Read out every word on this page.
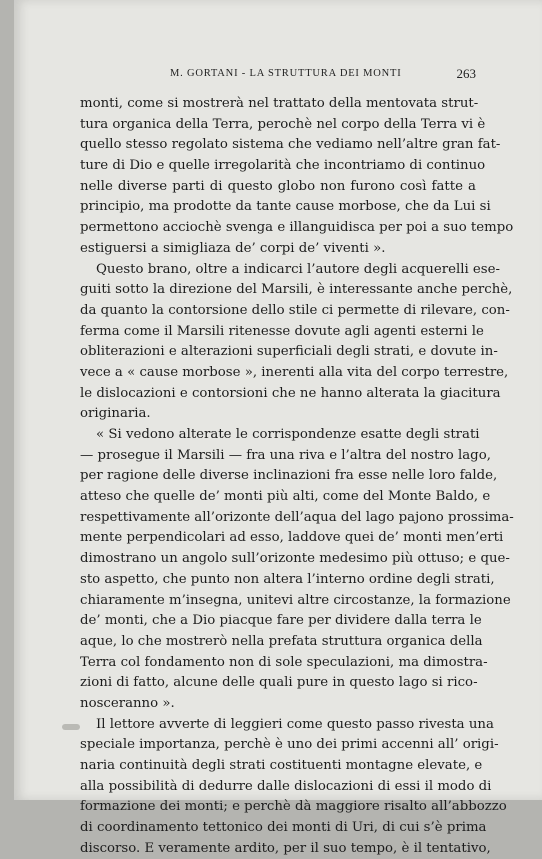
M. GORTANI - LA STRUTTURA DEI MONTI	263
monti, come si mostrerà nel trattato della mentovata strut-
tura organica della Terra, perochè nel corpo della Terra vi è
quello stesso regolato sistema che vediamo nell’altre gran fat-
ture di Dio e quelle irregolarità che incontriamo di continuo
nelle diverse parti di questo globo non furono così fatte a
principio, ma prodotte da tante cause morbose, che da Lui si
permettono acciochè svenga e illanguidisca per poi a suo tempo
estiguersi a simigliaza de’ corpi de’ viventi ».
Questo brano, oltre a indicarci l’autore degli acquerelli ese-
guiti sotto la direzione del Marsili, è interessante anche perchè,
da quanto la contorsione dello stile ci permette di rilevare, con-
ferma come il Marsili ritenesse dovute agli agenti esterni le
obliterazioni e alterazioni superficiali degli strati, e dovute in-
vece a « cause morbose », inerenti alla vita del corpo terrestre,
le dislocazioni e contorsioni che ne hanno alterata la giacitura
originaria.
« Si vedono alterate le corrispondenze esatte degli strati
— prosegue il Marsili — fra una riva e l’altra del nostro lago,
per ragione delle diverse inclinazioni fra esse nelle loro falde,
atteso che quelle de’ monti più alti, come del Monte Baldo, e
respettivamente all’orizonte dell’aqua del lago pajono prossima-
mente perpendicolari ad esso, laddove quei de’ monti men’erti
dimostrano un angolo sull’orizonte medesimo più ottuso; e que-
sto aspetto, che punto non altera l’interno ordine degli strati,
chiaramente m’insegna, unitevi altre circostanze, la formazione
de’ monti, che a Dio piacque fare per dividere dalla terra le
aque, lo che mostrerò nella prefata struttura organica della
Terra col fondamento non di sole speculazioni, ma dimostra-
zioni di fatto, alcune delle quali pure in questo lago si rico-
nosceranno ».
Il lettore avverte di leggieri come questo passo rivesta una
speciale importanza, perchè è uno dei primi accenni all’ origi-
naria continuità degli strati costituenti montagne elevate, e
alla possibilità di dedurre dalle dislocazioni di essi il modo di
formazione dei monti; e perchè dà maggiore risalto all’abbozzo
di coordinamento tettonico dei monti di Uri, di cui s’è prima
discorso. E veramente ardito, per il suo tempo, è il tentativo,
